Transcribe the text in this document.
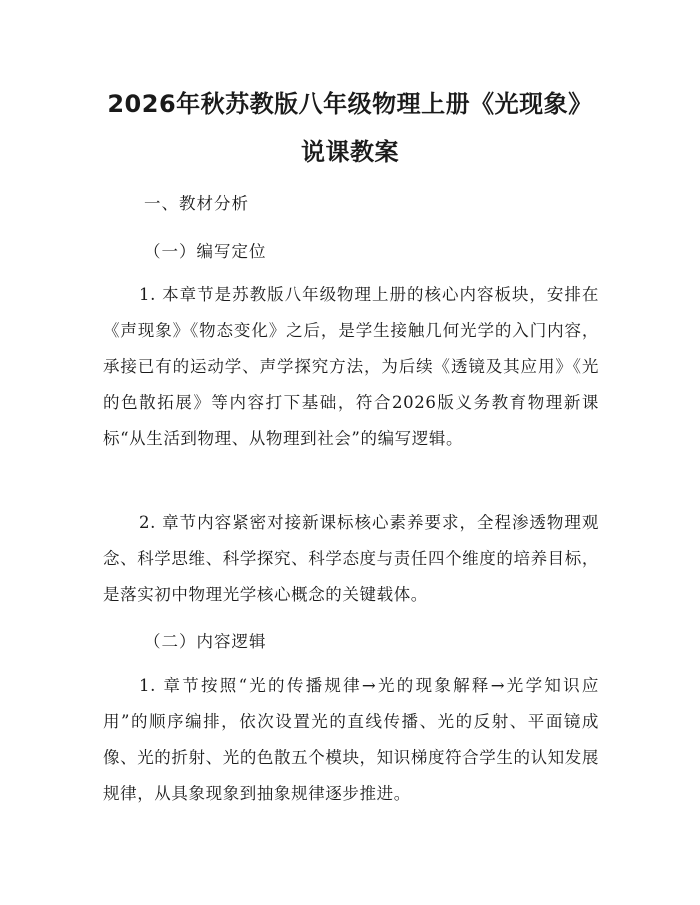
2026年秋苏教版八年级物理上册《光现象》
说课教案

一、教材分析

（一）编写定位

1. 本章节是苏教版八年级物理上册的核心内容板块，安排在《声现象》《物态变化》之后，是学生接触几何光学的入门内容，承接已有的运动学、声学探究方法，为后续《透镜及其应用》《光的色散拓展》等内容打下基础，符合2026版义务教育物理新课标“从生活到物理、从物理到社会”的编写逻辑。

2. 章节内容紧密对接新课标核心素养要求，全程渗透物理观念、科学思维、科学探究、科学态度与责任四个维度的培养目标，是落实初中物理光学核心概念的关键载体。

（二）内容逻辑

1. 章节按照“光的传播规律→光的现象解释→光学知识应用”的顺序编排，依次设置光的直线传播、光的反射、平面镜成像、光的折射、光的色散五个模块，知识梯度符合学生的认知发展规律，从具象现象到抽象规律逐步推进。
